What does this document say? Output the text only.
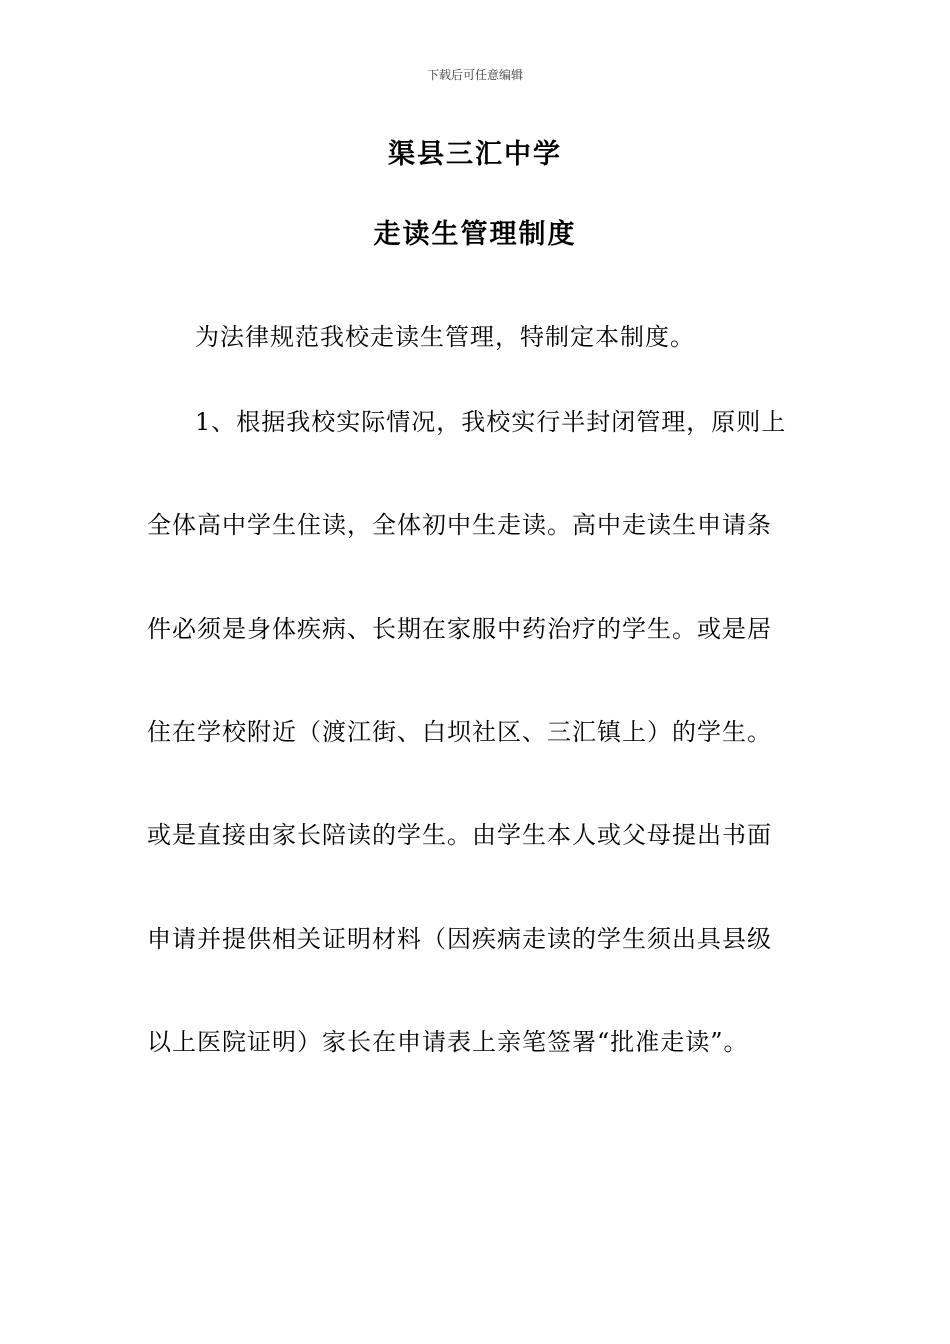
下载后可任意编辑
渠县三汇中学
走读生管理制度
为法律规范我校走读生管理，特制定本制度。
1、根据我校实际情况，我校实行半封闭管理，原则上
全体高中学生住读，全体初中生走读。高中走读生申请条
件必须是身体疾病、长期在家服中药治疗的学生。或是居
住在学校附近（渡江街、白坝社区、三汇镇上）的学生。
或是直接由家长陪读的学生。由学生本人或父母提出书面
申请并提供相关证明材料（因疾病走读的学生须出具县级
以上医院证明）家长在申请表上亲笔签署“批准走读”。
